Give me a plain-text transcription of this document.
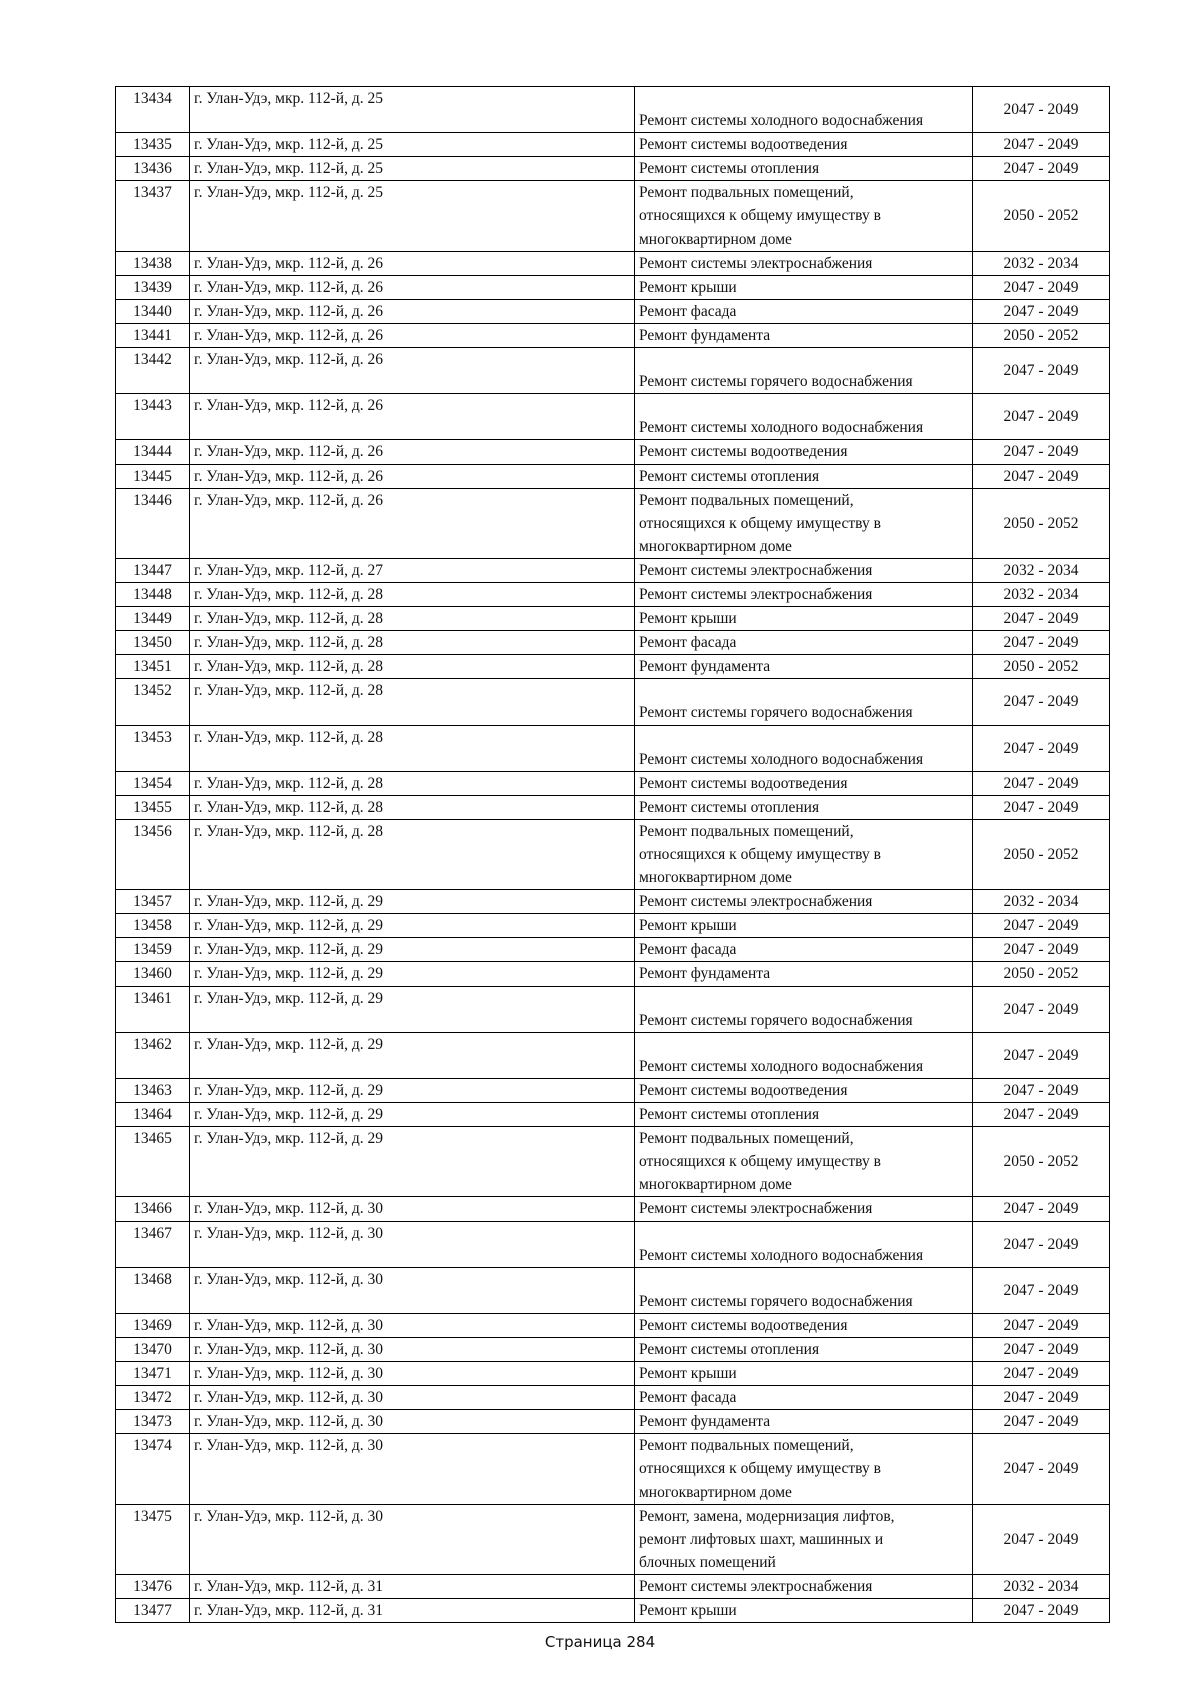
13434	г. Улан-Удэ, мкр. 112-й, д. 25	Ремонт системы холодного водоснабжения	2047 - 2049
13435	г. Улан-Удэ, мкр. 112-й, д. 25	Ремонт системы водоотведения	2047 - 2049
13436	г. Улан-Удэ, мкр. 112-й, д. 25	Ремонт системы отопления	2047 - 2049
13437	г. Улан-Удэ, мкр. 112-й, д. 25	Ремонт подвальных помещений,
относящихся к общему имуществу в
многоквартирном доме	2050 - 2052
13438	г. Улан-Удэ, мкр. 112-й, д. 26	Ремонт системы электроснабжения	2032 - 2034
13439	г. Улан-Удэ, мкр. 112-й, д. 26	Ремонт крыши	2047 - 2049
13440	г. Улан-Удэ, мкр. 112-й, д. 26	Ремонт фасада	2047 - 2049
13441	г. Улан-Удэ, мкр. 112-й, д. 26	Ремонт фундамента	2050 - 2052
13442	г. Улан-Удэ, мкр. 112-й, д. 26	Ремонт системы горячего водоснабжения	2047 - 2049
13443	г. Улан-Удэ, мкр. 112-й, д. 26	Ремонт системы холодного водоснабжения	2047 - 2049
13444	г. Улан-Удэ, мкр. 112-й, д. 26	Ремонт системы водоотведения	2047 - 2049
13445	г. Улан-Удэ, мкр. 112-й, д. 26	Ремонт системы отопления	2047 - 2049
13446	г. Улан-Удэ, мкр. 112-й, д. 26	Ремонт подвальных помещений,
относящихся к общему имуществу в
многоквартирном доме	2050 - 2052
13447	г. Улан-Удэ, мкр. 112-й, д. 27	Ремонт системы электроснабжения	2032 - 2034
13448	г. Улан-Удэ, мкр. 112-й, д. 28	Ремонт системы электроснабжения	2032 - 2034
13449	г. Улан-Удэ, мкр. 112-й, д. 28	Ремонт крыши	2047 - 2049
13450	г. Улан-Удэ, мкр. 112-й, д. 28	Ремонт фасада	2047 - 2049
13451	г. Улан-Удэ, мкр. 112-й, д. 28	Ремонт фундамента	2050 - 2052
13452	г. Улан-Удэ, мкр. 112-й, д. 28	Ремонт системы горячего водоснабжения	2047 - 2049
13453	г. Улан-Удэ, мкр. 112-й, д. 28	Ремонт системы холодного водоснабжения	2047 - 2049
13454	г. Улан-Удэ, мкр. 112-й, д. 28	Ремонт системы водоотведения	2047 - 2049
13455	г. Улан-Удэ, мкр. 112-й, д. 28	Ремонт системы отопления	2047 - 2049
13456	г. Улан-Удэ, мкр. 112-й, д. 28	Ремонт подвальных помещений,
относящихся к общему имуществу в
многоквартирном доме	2050 - 2052
13457	г. Улан-Удэ, мкр. 112-й, д. 29	Ремонт системы электроснабжения	2032 - 2034
13458	г. Улан-Удэ, мкр. 112-й, д. 29	Ремонт крыши	2047 - 2049
13459	г. Улан-Удэ, мкр. 112-й, д. 29	Ремонт фасада	2047 - 2049
13460	г. Улан-Удэ, мкр. 112-й, д. 29	Ремонт фундамента	2050 - 2052
13461	г. Улан-Удэ, мкр. 112-й, д. 29	Ремонт системы горячего водоснабжения	2047 - 2049
13462	г. Улан-Удэ, мкр. 112-й, д. 29	Ремонт системы холодного водоснабжения	2047 - 2049
13463	г. Улан-Удэ, мкр. 112-й, д. 29	Ремонт системы водоотведения	2047 - 2049
13464	г. Улан-Удэ, мкр. 112-й, д. 29	Ремонт системы отопления	2047 - 2049
13465	г. Улан-Удэ, мкр. 112-й, д. 29	Ремонт подвальных помещений,
относящихся к общему имуществу в
многоквартирном доме	2050 - 2052
13466	г. Улан-Удэ, мкр. 112-й, д. 30	Ремонт системы электроснабжения	2047 - 2049
13467	г. Улан-Удэ, мкр. 112-й, д. 30	Ремонт системы холодного водоснабжения	2047 - 2049
13468	г. Улан-Удэ, мкр. 112-й, д. 30	Ремонт системы горячего водоснабжения	2047 - 2049
13469	г. Улан-Удэ, мкр. 112-й, д. 30	Ремонт системы водоотведения	2047 - 2049
13470	г. Улан-Удэ, мкр. 112-й, д. 30	Ремонт системы отопления	2047 - 2049
13471	г. Улан-Удэ, мкр. 112-й, д. 30	Ремонт крыши	2047 - 2049
13472	г. Улан-Удэ, мкр. 112-й, д. 30	Ремонт фасада	2047 - 2049
13473	г. Улан-Удэ, мкр. 112-й, д. 30	Ремонт фундамента	2047 - 2049
13474	г. Улан-Удэ, мкр. 112-й, д. 30	Ремонт подвальных помещений,
относящихся к общему имуществу в
многоквартирном доме	2047 - 2049
13475	г. Улан-Удэ, мкр. 112-й, д. 30	Ремонт, замена, модернизация лифтов,
ремонт лифтовых шахт, машинных и
блочных помещений	2047 - 2049
13476	г. Улан-Удэ, мкр. 112-й, д. 31	Ремонт системы электроснабжения	2032 - 2034
13477	г. Улан-Удэ, мкр. 112-й, д. 31	Ремонт крыши	2047 - 2049
Страница 284
